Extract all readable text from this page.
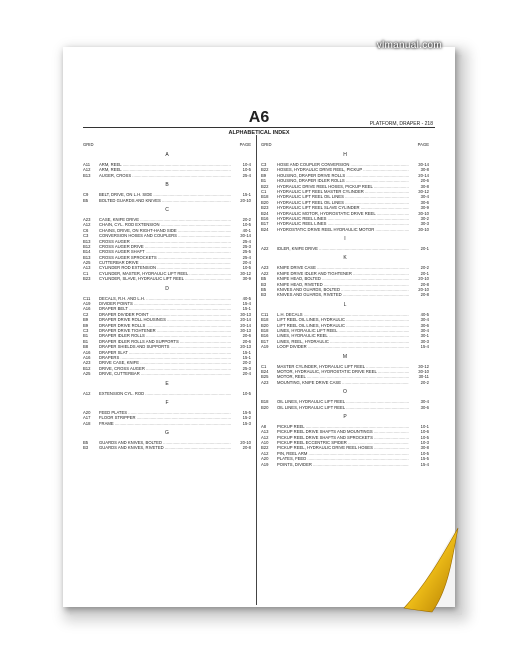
A6	PLATFORM, DRAPER - 218
ALPHABETICAL INDEX
GRID	PAGE
A
A11	ARM, REEL .....	10-4
A12	ARM, REEL .....	10-5
B13	AUGER, CROSS .....	25-4
B
C9	BELT, DRIVE, ON L.H. SIDE .....	15-1
B5	BOLTED GUARDS AND KNIVES .....	20-10
C
A23	CASE, KNIFE DRIVE .....	20-2
A12	CHAIN, CYL. ROD EXTENSION .....	10-5
C6	CHAINS, DRIVE, ON RIGHT-HAND SIDE .....	40-1
C3	CONVERSION HOSES AND COUPLERS .....	30-14
B13	CROSS AUGER .....	25-4
B12	CROSS AUGER DRIVE .....	25-3
B14	CROSS AUGER SHAFT .....	25-5
B13	CROSS AUGER SPROCKETS .....	25-4
A25	CUTTERBAR DRIVE .....	20-4
A13	CYLINDER ROD EXTENSION .....	10-5
C1	CYLINDER, MASTER, HYDRAULIC LIFT REEL .....	30-12
B23	CYLINDER, SLAVE, HYDRAULIC LIFT REEL .....	30-9
D
C11	DECALS, R.H. AND L.H. .....	40-5
A19	DIVIDER POINTS .....	15-4
A16	DRAPER BELT .....	15-1
C2	DRAPER DIVIDER POINT .....	30-13
B9	DRAPER DRIVE ROLL HOUSINGS .....	20-14
B9	DRAPER DRIVE ROLLS .....	20-14
C3	DRAPER DRIVE TIGHTENER .....	30-13
B1	DRAPER IDLER ROLLS .....	20-6
B1	DRAPER IDLER ROLLS AND SUPPORTS .....	20-6
B8	DRAPER SHIELDS AND SUPPORTS .....	20-13
A16	DRAPER SLAT .....	15-1
A16	DRAPERS .....	15-1
A23	DRIVE CASE, KNIFE .....	20-2
B12	DRIVE, CROSS AUGER .....	25-3
A25	DRIVE, CUTTERBAR .....	20-4
E
A12	EXTENSION CYL. ROD .....	10-5
F
A20	FEED PLATES .....	15-5
A17	FLOOR STRIPPER .....	15-2
A18	FRAME .....	15-3
G
B5	GUARDS AND KNIVES, BOLTED .....	20-10
B3	GUARDS AND KNIVES, RIVETED .....	20-8
GRID	PAGE
H
C3	HOSE AND COUPLER CONVERSION .....	30-14
B22	HOSES, HYDRAULIC DRIVE REEL, PICKUP .....	30-8
B9	HOUSING, DRAPER DRIVE ROLLS .....	20-14
B1	HOUSING, DRAPER IDLER ROLLS .....	20-6
B22	HYDRAULIC DRIVE REEL HOSES, PICKUP REEL .....	30-8
C1	HYDRAULIC LIFT REEL MASTER CYLINDER .....	30-12
B18	HYDRAULIC LIFT REEL OIL LINES .....	30-4
B20	HYDRAULIC LIFT REEL OIL LINES .....	30-6
B23	HYDRAULIC LIFT REEL SLAVE CYLINDER .....	30-9
B24	HYDRAULIC MOTOR, HYDROSTATIC DRIVE REEL .....	30-10
B16	HYDRAULIC REEL LINES .....	30-2
B17	HYDRAULIC REEL LINES .....	30-3
B24	HYDROSTATIC DRIVE REEL HYDRAULIC MOTOR .....	30-10
I
A22	IDLER, KNIFE DRIVE .....	20-1
K
A23	KNIFE DRIVE CASE .....	20-2
A22	KNIFE DRIVE IDLER AND TIGHTENER .....	20-1
B5	KNIFE HEAD, BOLTED .....	20-10
B3	KNIFE HEAD, RIVETED .....	20-8
B5	KNIVES AND GUARDS, BOLTED .....	20-10
B3	KNIVES AND GUARDS, RIVETED .....	20-8
L
C11	L.H. DECALS .....	40-5
B18	LIFT REEL OIL LINES, HYDRAULIC .....	30-4
B20	LIFT REEL OIL LINES, HYDRAULIC .....	30-6
B18	LINES, HYDRAULIC LIFT REEL .....	30-4
B16	LINES, HYDRAULIC REEL .....	30-1
B17	LINES, REEL, HYDRAULIC .....	30-3
A19	LOOP DIVIDER .....	15-4
M
C1	MASTER CYLINDER, HYDRAULIC LIFT REEL .....	30-12
B24	MOTOR, HYDRAULIC, HYDROSTATIC DRIVE REEL .....	30-10
B25	MOTOR, REEL .....	30-11
A23	MOUNTING, KNIFE DRIVE CASE .....	20-2
O
B18	OIL LINES, HYDRAULIC LIFT REEL .....	30-4
B20	OIL LINES, HYDRAULIC LIFT REEL .....	30-6
P
A8	PICKUP REEL .....	10-1
A13	PICKUP REEL DRIVE SHAFTS AND MOUNTINGS .....	10-6
A12	PICKUP REEL DRIVE SHAFTS AND SPROCKETS .....	10-5
A10	PICKUP REEL ECCENTRIC SPIDER .....	10-3
B22	PICKUP REEL, HYDRAULIC DRIVE REEL HOSES .....	30-8
A12	PIN, REEL ARM .....	10-5
A20	PLATES, FEED .....	15-5
A19	POINTS, DIVIDER .....	15-4
vlmanual.com
